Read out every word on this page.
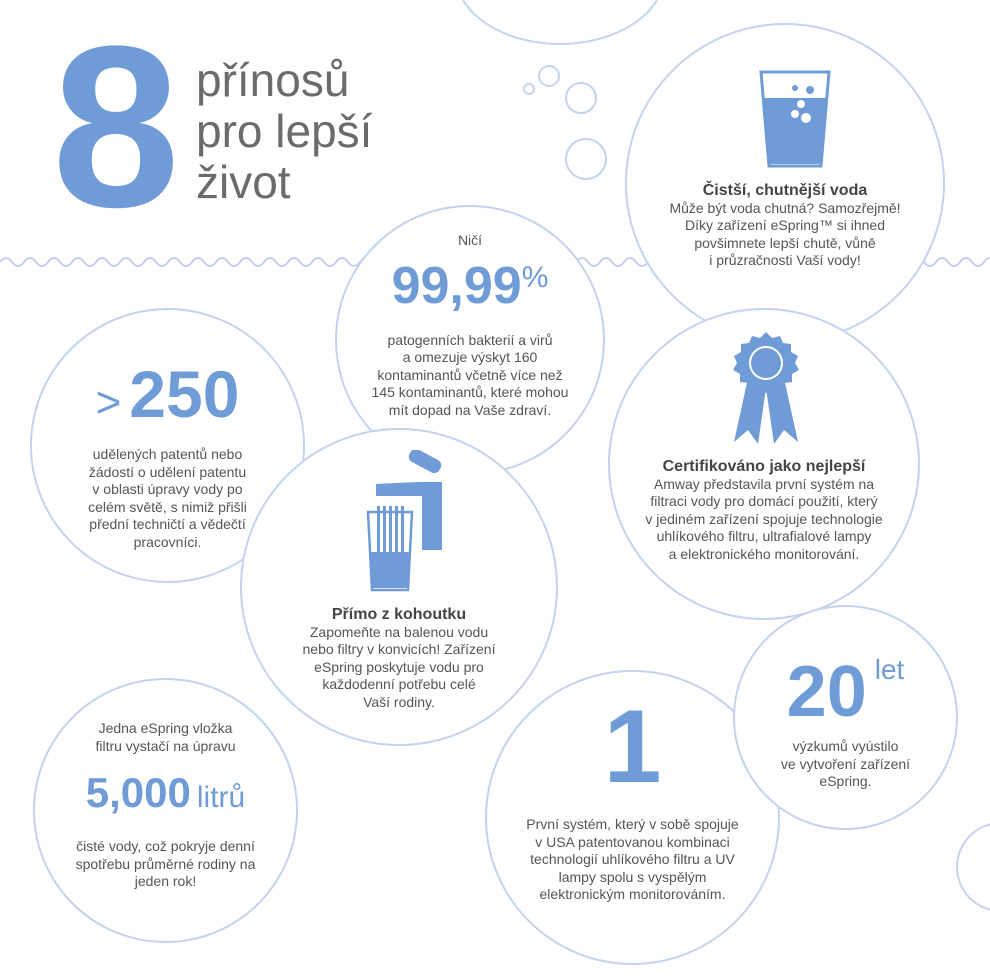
8 přínosů
pro lepší
život	Čistší, chutnější voda
Může být voda chutná? Samozřejmě!
Díky zařízení eSpring™ si ihned
povšimnete lepší chutě, vůně
i průzračnosti Vaší vody!
Ničí
99,99%
patogenních bakterií a virů
a omezuje výskyt 160
kontaminantů včetně více než
145 kontaminantů, které mohou
mít dopad na Vaše zdraví.
> 250
udělených patentů nebo
žádostí o udělení patentu
v oblasti úpravy vody po
celém světě, s nimiž přišli
přední techničtí a vědečtí
pracovníci.
Certifikováno jako nejlepší
Amway představila první systém na
filtraci vody pro domácí použití, který
v jediném zařízení spojuje technologie
uhlíkového filtru, ultrafialové lampy
a elektronického monitorování.
Přímo z kohoutku
Zapomeňte na balenou vodu
nebo filtry v konvicích! Zařízení
eSpring poskytuje vodu pro
každodenní potřebu celé
Vaší rodiny.	1
První systém, který v sobě spojuje
v USA patentovanou kombinaci
technologií uhlíkového filtru a UV
lampy spolu s vyspělým
elektronickým monitorováním.
20 let
výzkumů vyústilo
ve vytvoření zařízení
eSpring.
Jedna eSpring vložka
filtru vystačí na úpravu
5,000 litrů
čisté vody, což pokryje denní
spotřebu průměrné rodiny na
jeden rok!
